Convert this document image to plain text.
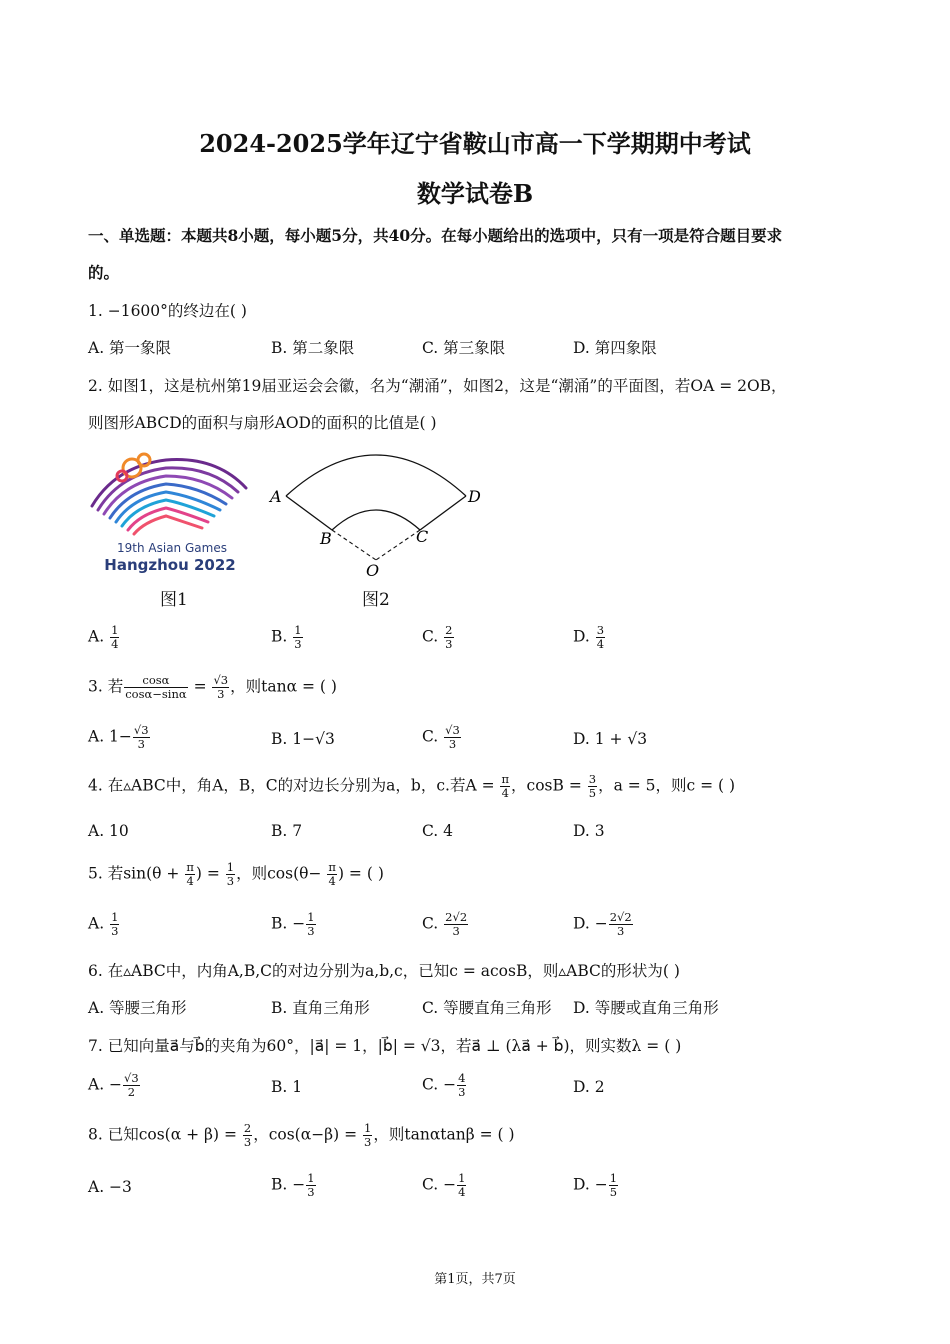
2024-2025学年辽宁省鞍山市高一下学期期中考试
数学试卷B
一、单选题：本题共8小题，每小题5分，共40分。在每小题给出的选项中，只有一项是符合题目要求
的。
1. −1600°的终边在( )
A. 第一象限	B. 第二象限	C. 第三象限	D. 第四象限
2. 如图1，这是杭州第19届亚运会会徽，名为“潮涌”，如图2，这是“潮涌”的平面图，若OA = 2OB，
则图形ABCD的面积与扇形AOD的面积的比值是( )
19th Asian Games
Hangzhou 2022
图1
A	D
B	C
O
图2
A. $\frac{1}{4}$	B. $\frac{1}{3}$	C. $\frac{2}{3}$	D. $\frac{3}{4}$
3. 若 $\frac{\cos\alpha}{\cos\alpha-\sin\alpha} = \frac{√3}{3}$ ，则tanα = ( )
A. $1- \frac{√3}{3}$	B. 1−√3	C. $\frac{√3}{3}$	D. 1 + √3
4. 在▵ABC中，角A，B，C的对边长分别为a，b，c.若$A = \frac{\pi}{4}$ ，$\cos B = \frac{3}{5}$ ，a = 5，则c = ( )
A. 10	B. 7	C. 4	D. 3
5. 若$\sin(\theta + \frac{\pi}{4}$ ) = $\frac{1}{3}$ ，则$\cos(\theta- \frac{\pi}{4}$ ) = ( )
A. $\frac{1}{3}$	B. − $\frac{1}{3}$	C. $\frac{2√2}{3}$	D. − $\frac{2√2}{3}$
6. 在▵ABC中，内角A,B,C的对边分别为a,b,c，已知c = acosB，则▵ABC的形状为( )
A. 等腰三角形	B. 直角三角形	C. 等腰直角三角形 D. 等腰或直角三角形
7. 已知向量a⃗与b⃗的夹角为60°，|a⃗| = 1，|b⃗| = √3，若a⃗ ⊥ (λa⃗ + b⃗)，则实数λ = ( )
A. − $\frac{√3}{2}$	B. 1	C. − $\frac{4}{3}$	D. 2
8. 已知$\cos(\alpha + \beta) = \frac{2}{3}$ ，$\cos(\alpha-\beta) = \frac{1}{3}$ ，则tanαtanβ = ( )
A. −3	B. − $\frac{1}{3}$	C. − $\frac{1}{4}$	D. − $\frac{1}{5}$
第1页，共7页
